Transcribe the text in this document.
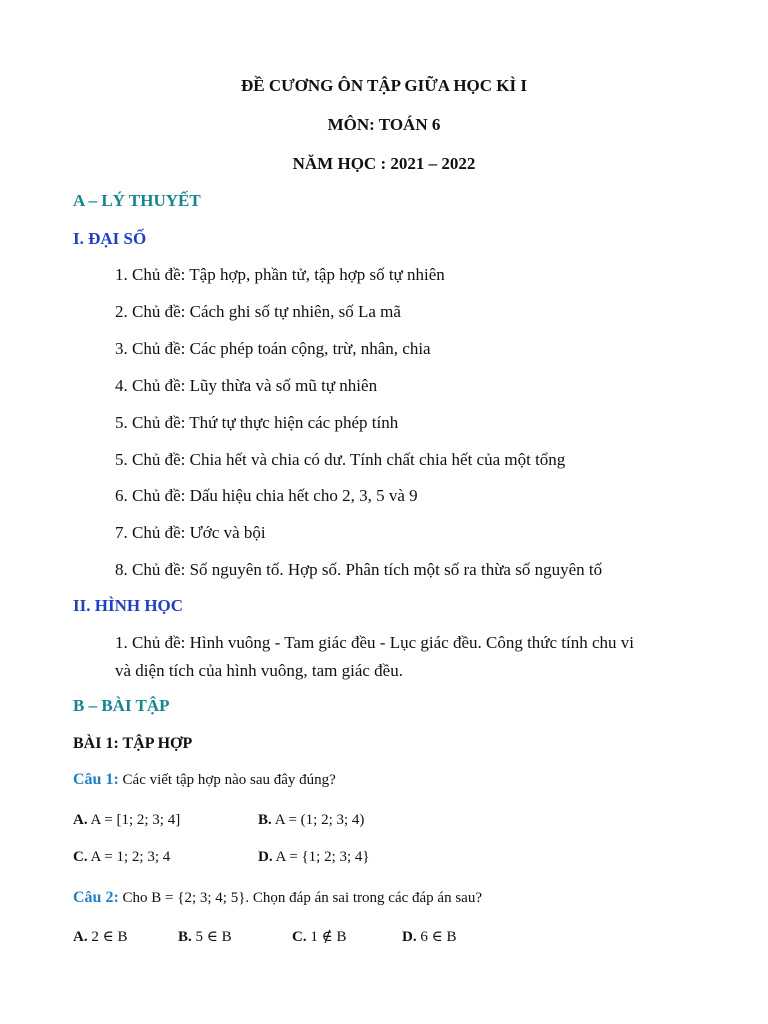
ĐỀ CƯƠNG ÔN TẬP GIỮA HỌC KÌ I
MÔN: TOÁN 6
NĂM HỌC : 2021 – 2022
A – LÝ THUYẾT
I. ĐẠI SỐ
1. Chủ đề: Tập hợp, phần tử, tập hợp số tự nhiên
2. Chủ đề: Cách ghi số tự nhiên, số La mã
3. Chủ đề: Các phép toán cộng, trừ, nhân, chia
4. Chủ đề: Lũy thừa và số mũ tự nhiên
5. Chủ đề: Thứ tự thực hiện các phép tính
5. Chủ đề: Chia hết và chia có dư. Tính chất chia hết của một tổng
6. Chủ đề: Dấu hiệu chia hết cho 2, 3, 5 và 9
7. Chủ đề: Ước và bội
8. Chủ đề: Số nguyên tố. Hợp số. Phân tích một số ra thừa số nguyên tố
II. HÌNH HỌC
1. Chủ đề: Hình vuông - Tam giác đều - Lục giác đều. Công thức tính chu vi
và diện tích của hình vuông, tam giác đều.
B – BÀI TẬP
BÀI 1: TẬP HỢP
Câu 1: Các viết tập hợp nào sau đây đúng?
A. A = [1; 2; 3; 4]	B. A = (1; 2; 3; 4)
C. A = 1; 2; 3; 4	D. A = {1; 2; 3; 4}
Câu 2: Cho B = {2; 3; 4; 5}. Chọn đáp án sai trong các đáp án sau?
A. 2 ∈ B	B. 5 ∈ B	C. 1 ∉ B	D. 6 ∈ B
